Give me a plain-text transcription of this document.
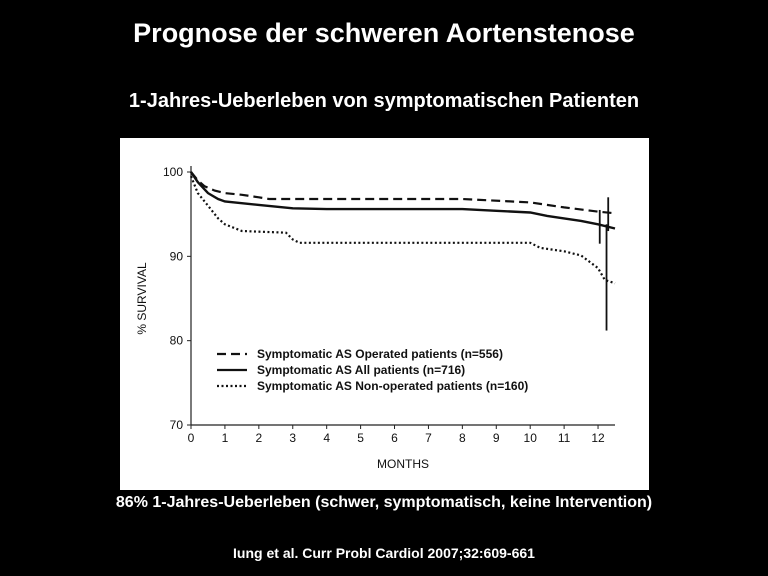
Prognose der schweren Aortenstenose
1-Jahres-Ueberleben von symptomatischen Patienten
0 1 2 3 4 5 6 7 8 9 10 11 12
70
80
90
100
MONTHS
% SURVIVAL
Symptomatic AS Operated patients (n=556)
Symptomatic AS All patients (n=716)
Symptomatic AS Non-operated patients (n=160)
86% 1-Jahres-Ueberleben (schwer, symptomatisch, keine Intervention)
Iung et al. Curr Probl Cardiol 2007;32:609-661
